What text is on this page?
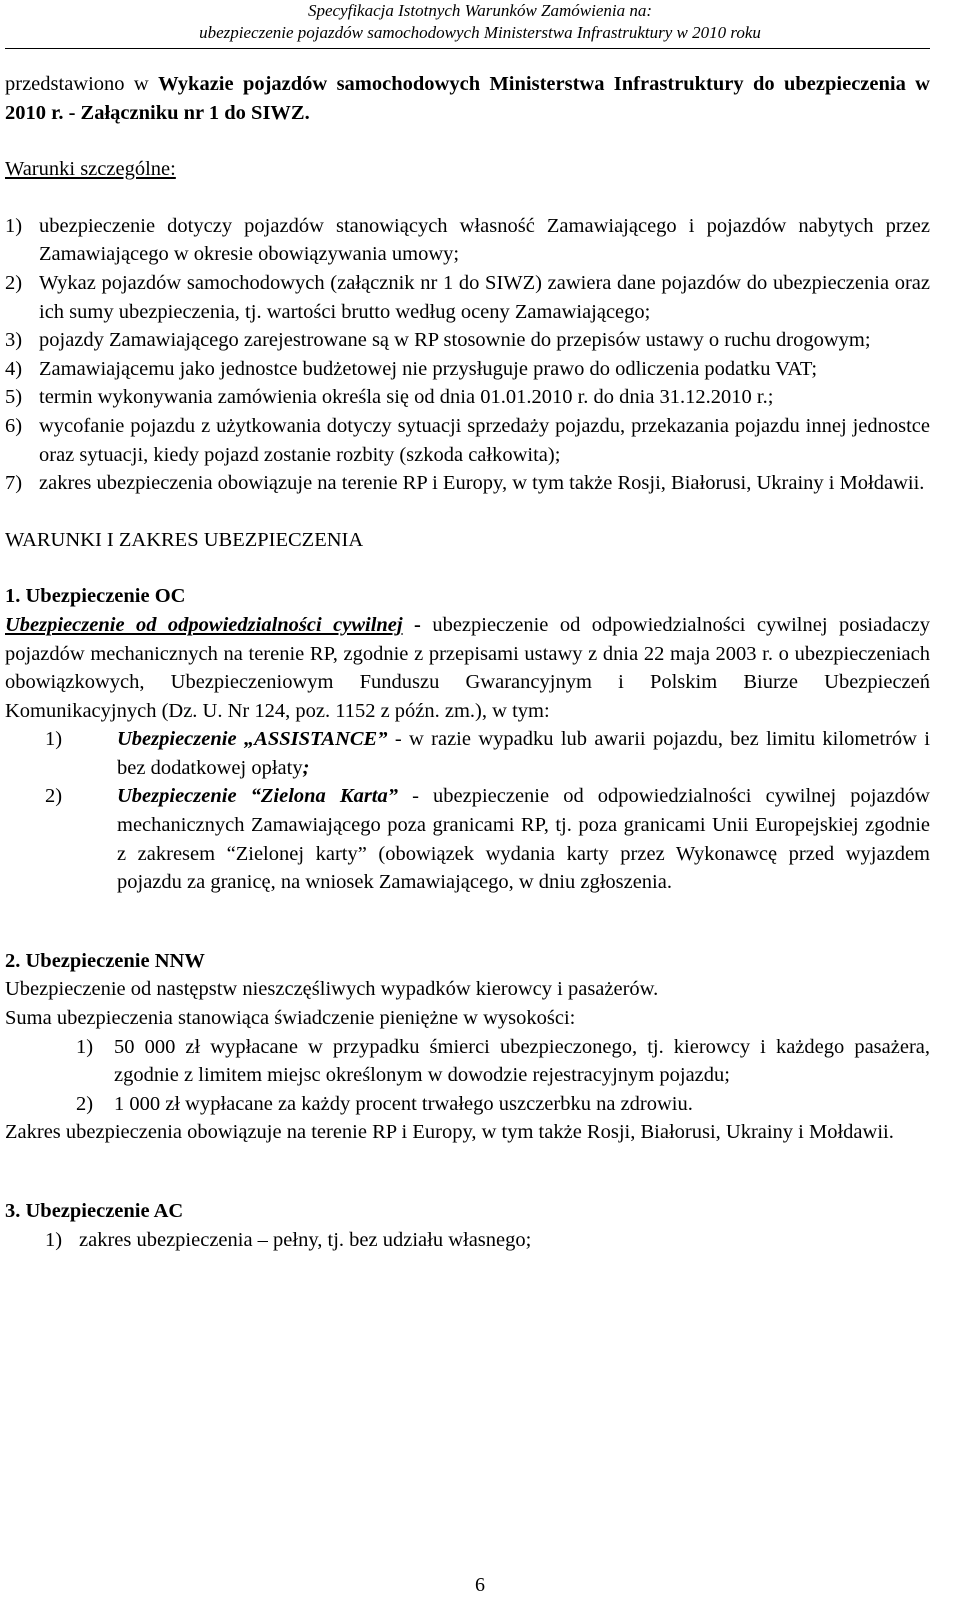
Specyfikacja Istotnych Warunków Zamówienia na:
ubezpieczenie pojazdów samochodowych Ministerstwa Infrastruktury w 2010 roku

przedstawiono w Wykazie pojazdów samochodowych Ministerstwa Infrastruktury do ubezpieczenia w 2010 r. - Załączniku nr 1 do SIWZ.

Warunki szczególne:

1) ubezpieczenie dotyczy pojazdów stanowiących własność Zamawiającego i pojazdów nabytych przez Zamawiającego w okresie obowiązywania umowy;
2) Wykaz pojazdów samochodowych (załącznik nr 1 do SIWZ) zawiera dane pojazdów do ubezpieczenia oraz ich sumy ubezpieczenia, tj. wartości brutto według oceny Zamawiającego;
3) pojazdy Zamawiającego zarejestrowane są w RP stosownie do przepisów ustawy o ruchu drogowym;
4) Zamawiającemu jako jednostce budżetowej nie przysługuje prawo do odliczenia podatku VAT;
5) termin wykonywania zamówienia określa się od dnia 01.01.2010 r. do dnia 31.12.2010 r.;
6) wycofanie pojazdu z użytkowania dotyczy sytuacji sprzedaży pojazdu, przekazania pojazdu innej jednostce oraz sytuacji, kiedy pojazd zostanie rozbity (szkoda całkowita);
7) zakres ubezpieczenia obowiązuje na terenie RP i Europy, w tym także Rosji, Białorusi, Ukrainy i Mołdawii.

WARUNKI I ZAKRES UBEZPIECZENIA

1. Ubezpieczenie OC

Ubezpieczenie od odpowiedzialności cywilnej - ubezpieczenie od odpowiedzialności cywilnej posiadaczy pojazdów mechanicznych na terenie RP, zgodnie z przepisami ustawy z dnia 22 maja 2003 r. o ubezpieczeniach obowiązkowych, Ubezpieczeniowym Funduszu Gwarancyjnym i Polskim Biurze Ubezpieczeń Komunikacyjnych (Dz. U. Nr 124, poz. 1152 z późn. zm.), w tym:

1)	Ubezpieczenie „ASSISTANCE” - w razie wypadku lub awarii pojazdu, bez limitu kilometrów i bez dodatkowej opłaty;
2)	Ubezpieczenie “Zielona Karta” - ubezpieczenie od odpowiedzialności cywilnej pojazdów mechanicznych Zamawiającego poza granicami RP, tj. poza granicami Unii Europejskiej zgodnie z zakresem “Zielonej karty” (obowiązek wydania karty przez Wykonawcę przed wyjazdem pojazdu za granicę, na wniosek Zamawiającego, w dniu zgłoszenia.

2. Ubezpieczenie NNW

Ubezpieczenie od następstw nieszczęśliwych wypadków kierowcy i pasażerów.

Suma ubezpieczenia stanowiąca świadczenie pieniężne w wysokości:

1)	50 000 zł wypłacane w przypadku śmierci ubezpieczonego, tj. kierowcy i każdego pasażera, zgodnie z limitem miejsc określonym w dowodzie rejestracyjnym pojazdu;
2)	1 000 zł wypłacane za każdy procent trwałego uszczerbku na zdrowiu.

Zakres ubezpieczenia obowiązuje na terenie RP i Europy, w tym także Rosji, Białorusi, Ukrainy i Mołdawii.

3. Ubezpieczenie AC

1) zakres ubezpieczenia – pełny, tj. bez udziału własnego;
6
